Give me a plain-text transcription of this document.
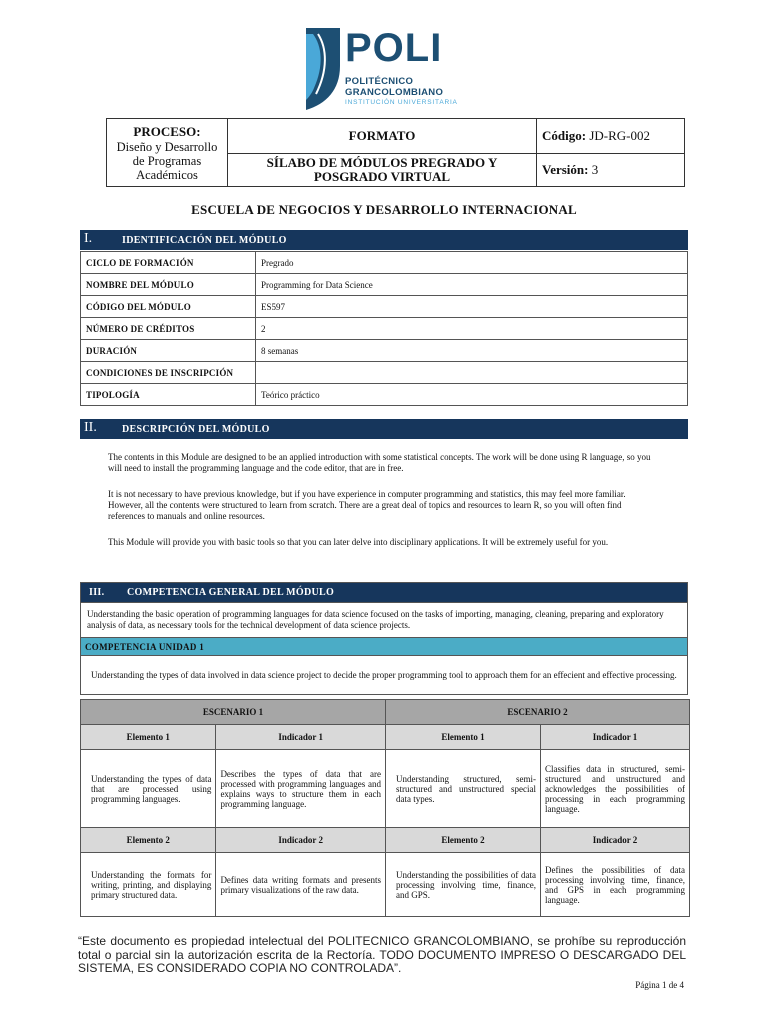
POLI
POLITÉCNICO
GRANCOLOMBIANO
INSTITUCIÓN UNIVERSITARIA
PROCESO:
Diseño y Desarrollo de Programas Académicos	FORMATO	Código: JD-RG-002
	SÍLABO DE MÓDULOS PREGRADO Y POSGRADO VIRTUAL	Versión: 3
ESCUELA DE NEGOCIOS Y DESARROLLO INTERNACIONAL
I.	IDENTIFICACIÓN DEL MÓDULO
CICLO DE FORMACIÓN	Pregrado
NOMBRE DEL MÓDULO	Programming for Data Science
CÓDIGO DEL MÓDULO	ES597
NÚMERO DE CRÉDITOS	2
DURACIÓN	8 semanas
CONDICIONES DE INSCRIPCIÓN	
TIPOLOGÍA	Teórico práctico
II.	DESCRIPCIÓN DEL MÓDULO
The contents in this Module are designed to be an applied introduction with some statistical concepts. The work will be done using R language, so you will need to install the programming language and the code editor, that are in free.
It is not necessary to have previous knowledge, but if you have experience in computer programming and statistics, this may feel more familiar. However, all the contents were structured to learn from scratch. There are a great deal of topics and resources to learn R, so you will often find references to manuals and online resources.
This Module will provide you with basic tools so that you can later delve into disciplinary applications. It will be extremely useful for you.
III. COMPETENCIA GENERAL DEL MÓDULO
Understanding the basic operation of programming languages for data science focused on the tasks of importing, managing, cleaning, preparing and exploratory analysis of data, as necessary tools for the technical development of data science projects.
COMPETENCIA UNIDAD 1
Understanding the types of data involved in data science project to decide the proper programming tool to approach them for an effecient and effective processing.
ESCENARIO 1		ESCENARIO 2	
Elemento 1	Indicador 1	Elemento 1	Indicador 1
Understanding the types of data that are processed using programming languages.	Describes the types of data that are processed with programming languages and explains ways to structure them in each programming language.	Understanding structured, semi-structured and unstructured special data types.	Classifies data in structured, semi-structured and unstructured and acknowledges the possibilities of processing in each programming language.
Elemento 2	Indicador 2	Elemento 2	Indicador 2
Understanding the formats for writing, printing, and displaying primary structured data.	Defines data writing formats and presents primary visualizations of the raw data.	Understanding the possibilities of data processing involving time, finance, and GPS.	Defines the possibilities of data processing involving time, finance, and GPS in each programming language.
“Este documento es propiedad intelectual del POLITECNICO GRANCOLOMBIANO, se prohíbe su reproducción total o parcial sin la autorización escrita de la Rectoría. TODO DOCUMENTO IMPRESO O DESCARGADO DEL SISTEMA, ES CONSIDERADO COPIA NO CONTROLADA”.
Página 1 de 4
